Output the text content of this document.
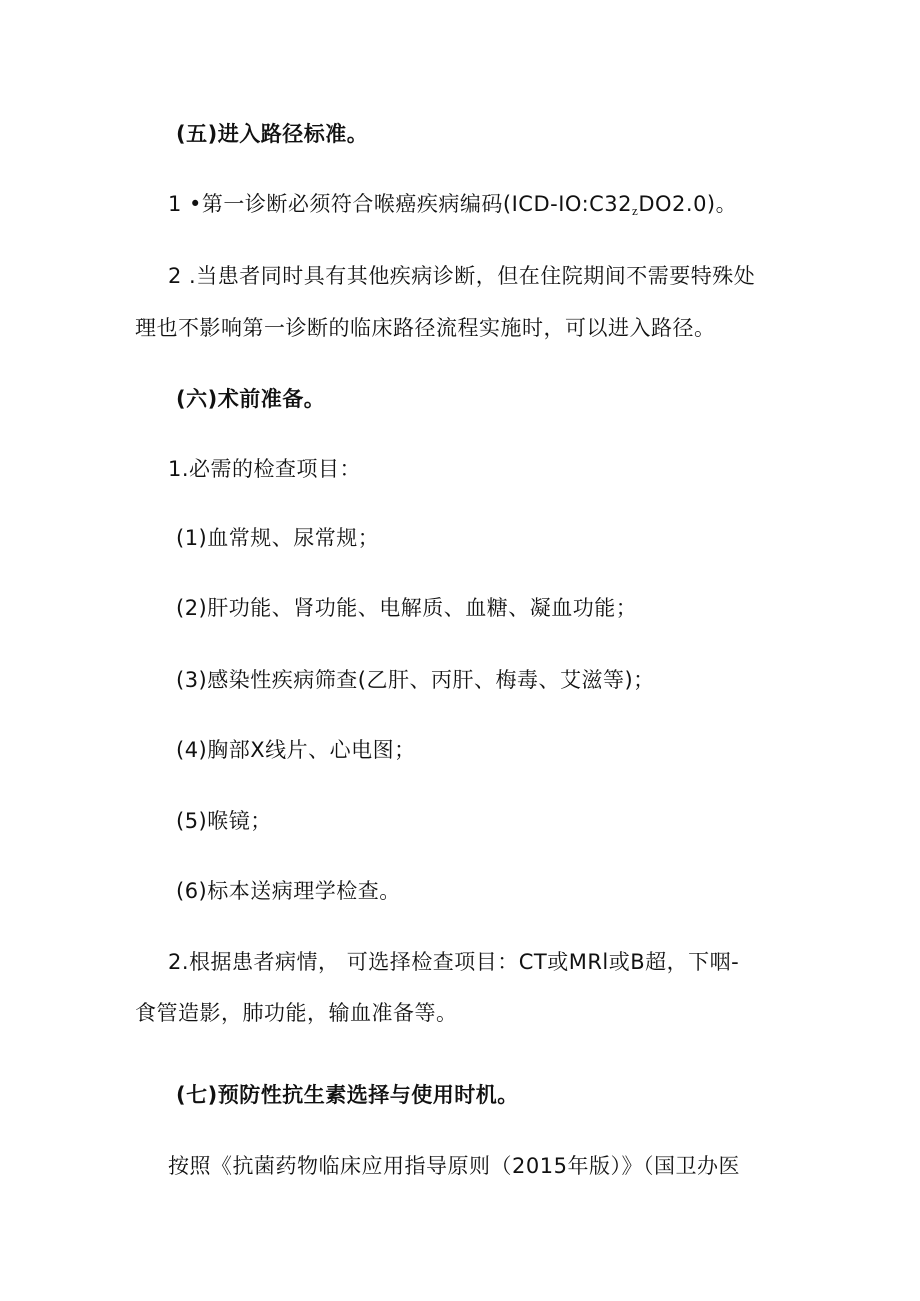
(五)进入路径标准。
1 •第一诊断必须符合喉癌疾病编码$(ICD-IO:C32_zDO2.0)$。
2 .当患者同时具有其他疾病诊断，但在住院期间不需要特殊处
理也不影响第一诊断的临床路径流程实施时，可以进入路径。
(六)术前准备。
1.必需的检查项目：
(1)血常规、尿常规；
(2)肝功能、肾功能、电解质、血糖、凝血功能；
(3)感染性疾病筛查(乙肝、丙肝、梅毒、艾滋等)；
(4)胸部X线片、心电图；
(5)喉镜；
(6)标本送病理学检查。
2.根据患者病情， 可选择检查项目：CT或MRl或B超，下咽-
食管造影，肺功能，输血准备等。
(七)预防性抗生素选择与使用时机。
按照《抗菌药物临床应用指导原则（2015年版）》（国卫办医
